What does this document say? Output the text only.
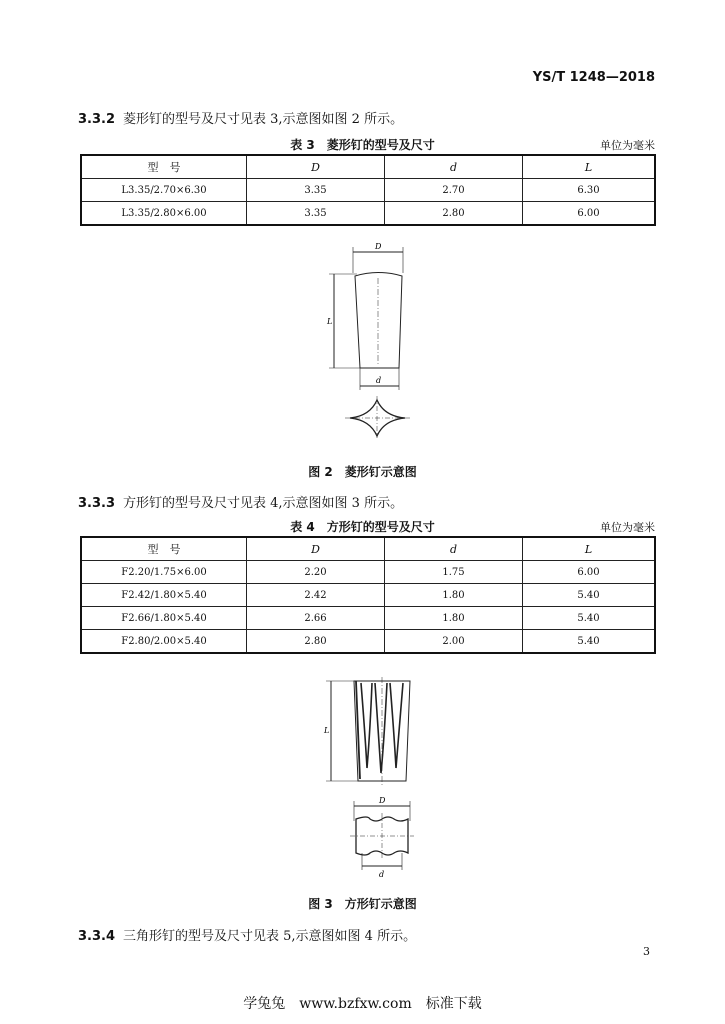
YS/T 1248—2018
3.3.2 菱形钉的型号及尺寸见表 3,示意图如图 2 所示。
表 3　菱形钉的型号及尺寸	单位为毫米
型　号	D	d	L
L3.35/2.70×6.30	3.35	2.70	6.30
L3.35/2.80×6.00	3.35	2.80	6.00
D
L
d
图 2　菱形钉示意图
3.3.3 方形钉的型号及尺寸见表 4,示意图如图 3 所示。
表 4　方形钉的型号及尺寸	单位为毫米
型　号	D	d	L
F2.20/1.75×6.00	2.20	1.75	6.00
F2.42/1.80×5.40	2.42	1.80	5.40
F2.66/1.80×5.40	2.66	1.80	5.40
F2.80/2.00×5.40	2.80	2.00	5.40
D
L
d
图 3　方形钉示意图
3.3.4 三角形钉的型号及尺寸见表 5,示意图如图 4 所示。
3
学兔兔　www.bzfxw.com　标准下载
